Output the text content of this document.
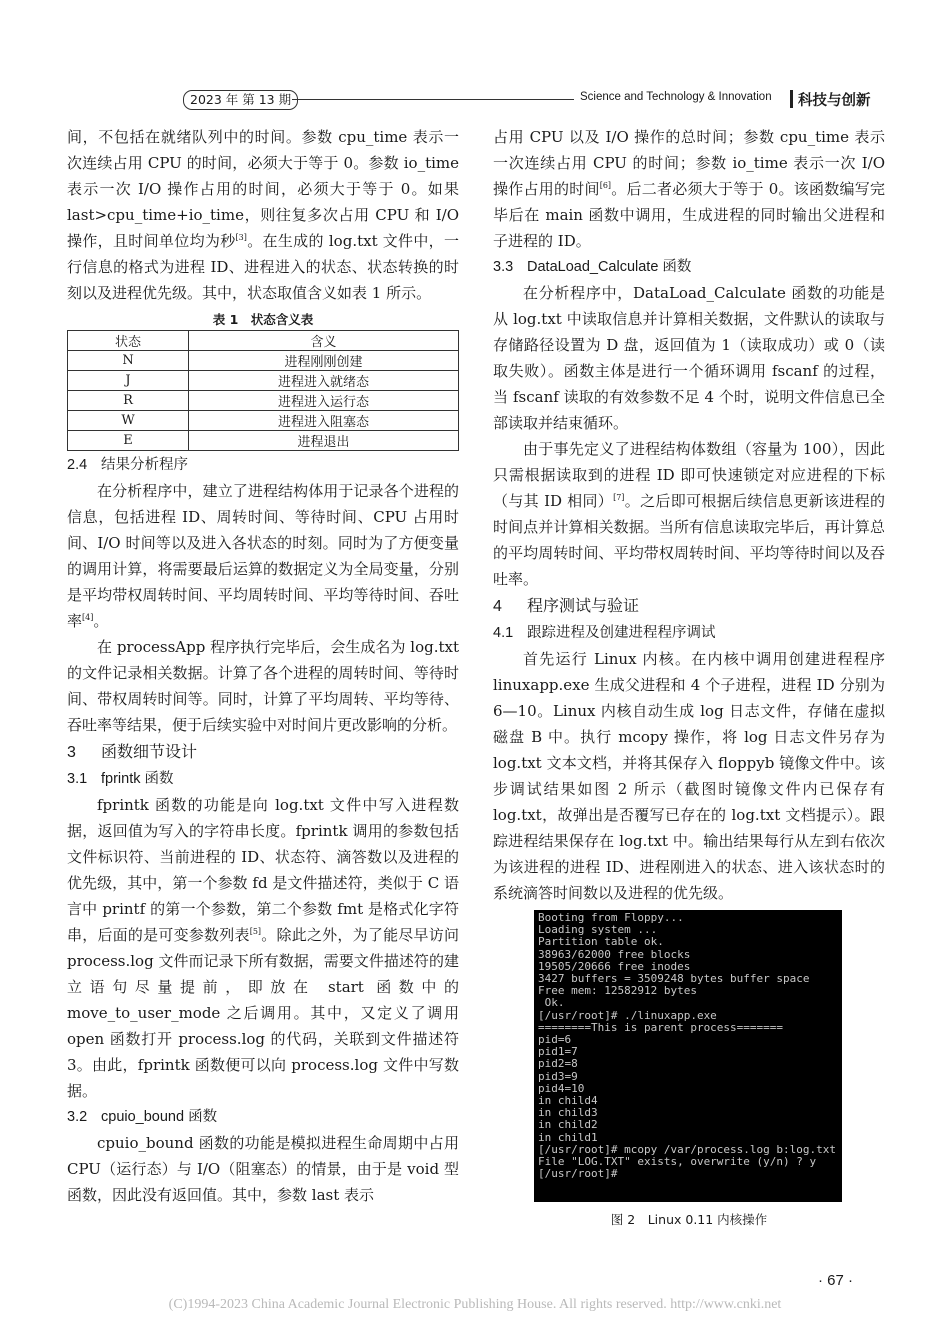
2023 年 第 13 期	Science and Technology & Innovation 科技与创新

间，不包括在就绪队列中的时间。参数 cpu_time 表示一次连续占用 CPU 的时间，必须大于等于 0。参数 io_time 表示一次 I/O 操作占用的时间，必须大于等于 0。如果 last>cpu_time+io_time，则往复多次占用 CPU 和 I/O 操作，且时间单位均为秒[3]。在生成的 log.txt 文件中，一行信息的格式为进程 ID、进程进入的状态、状态转换的时刻以及进程优先级。其中，状态取值含义如表 1 所示。

表 1　状态含义表
状态	含义
N	进程刚刚创建
J	进程进入就绪态
R	进程进入运行态
W	进程进入阻塞态
E	进程退出
2.4 结果分析程序

在分析程序中，建立了进程结构体用于记录各个进程的信息，包括进程 ID、周转时间、等待时间、CPU 占用时间、I/O 时间等以及进入各状态的时刻。同时为了方便变量的调用计算，将需要最后运算的数据定义为全局变量，分别是平均带权周转时间、平均周转时间、平均等待时间、吞吐率[4]。

在 processApp 程序执行完毕后，会生成名为 log.txt 的文件记录相关数据。计算了各个进程的周转时间、等待时间、带权周转时间等。同时，计算了平均周转、平均等待、吞吐率等结果，便于后续实验中对时间片更改影响的分析。

3 函数细节设计
3.1 fprintk 函数

fprintk 函数的功能是向 log.txt 文件中写入进程数据，返回值为写入的字符串长度。fprintk 调用的参数包括文件标识符、当前进程的 ID、状态符、滴答数以及进程的优先级，其中，第一个参数 fd 是文件描述符，类似于 C 语言中 printf 的第一个参数，第二个参数 fmt 是格式化字符串，后面的是可变参数列表[5]。除此之外，为了能尽早访问 process.log 文件而记录下所有数据，需要文件描述符的建立语句尽量提前，即放在 start 函数中的 move_to_user_mode 之后调用。其中，又定义了调用 open 函数打开 process.log 的代码，关联到文件描述符 3。由此，fprintk 函数便可以向 process.log 文件中写数据。

3.2 cpuio_bound 函数

cpuio_bound 函数的功能是模拟进程生命周期中占用 CPU（运行态）与 I/O（阻塞态）的情景，由于是 void 型函数，因此没有返回值。其中，参数 last 表示

占用 CPU 以及 I/O 操作的总时间；参数 cpu_time 表示一次连续占用 CPU 的时间；参数 io_time 表示一次 I/O 操作占用的时间[6]。后二者必须大于等于 0。该函数编写完毕后在 main 函数中调用，生成进程的同时输出父进程和子进程的 ID。

3.3 DataLoad_Calculate 函数

在分析程序中，DataLoad_Calculate 函数的功能是从 log.txt 中读取信息并计算相关数据，文件默认的读取与存储路径设置为 D 盘，返回值为 1（读取成功）或 0（读取失败）。函数主体是进行一个循环调用 fscanf 的过程，当 fscanf 读取的有效参数不足 4 个时，说明文件信息已全部读取并结束循环。

由于事先定义了进程结构体数组（容量为 100），因此只需根据读取到的进程 ID 即可快速锁定对应进程的下标（与其 ID 相同）[7]。之后即可根据后续信息更新该进程的时间点并计算相关数据。当所有信息读取完毕后，再计算总的平均周转时间、平均带权周转时间、平均等待时间以及吞吐率。

4 程序测试与验证
4.1 跟踪进程及创建进程程序调试

首先运行 Linux 内核。在内核中调用创建进程程序 linuxapp.exe 生成父进程和 4 个子进程，进程 ID 分别为 6—10。Linux 内核自动生成 log 日志文件，存储在虚拟磁盘 B 中。执行 mcopy 操作，将 log 日志文件另存为 log.txt 文本文档，并将其保存入 floppyb 镜像文件中。该步调试结果如图 2 所示（截图时镜像文件内已保存有 log.txt，故弹出是否覆写已存在的 log.txt 文档提示）。跟踪进程结果保存在 log.txt 中。输出结果每行从左到右依次为该进程的进程 ID、进程刚进入的状态、进入该状态时的系统滴答时间数以及进程的优先级。

Booting from Floppy...
Loading system ...
Partition table ok.
38963/62000 free blocks
19505/20666 free inodes
3427 buffers = 3509248 bytes buffer space
Free mem: 12582912 bytes
Ok.
[/usr/root]# ./linuxapp.exe
========This is parent process=======
pid=6
pid1=7
pid2=8
pid3=9
pid4=10
in child4
in child3
in child2
in child1
[/usr/root]# mcopy /var/process.log b:log.txt
File "LOG.TXT" exists, overwrite (y/n) ? y
[/usr/root]#
图 2　Linux 0.11 内核操作
· 67 ·
(C)1994-2023 China Academic Journal Electronic Publishing House. All rights reserved. http://www.cnki.net
